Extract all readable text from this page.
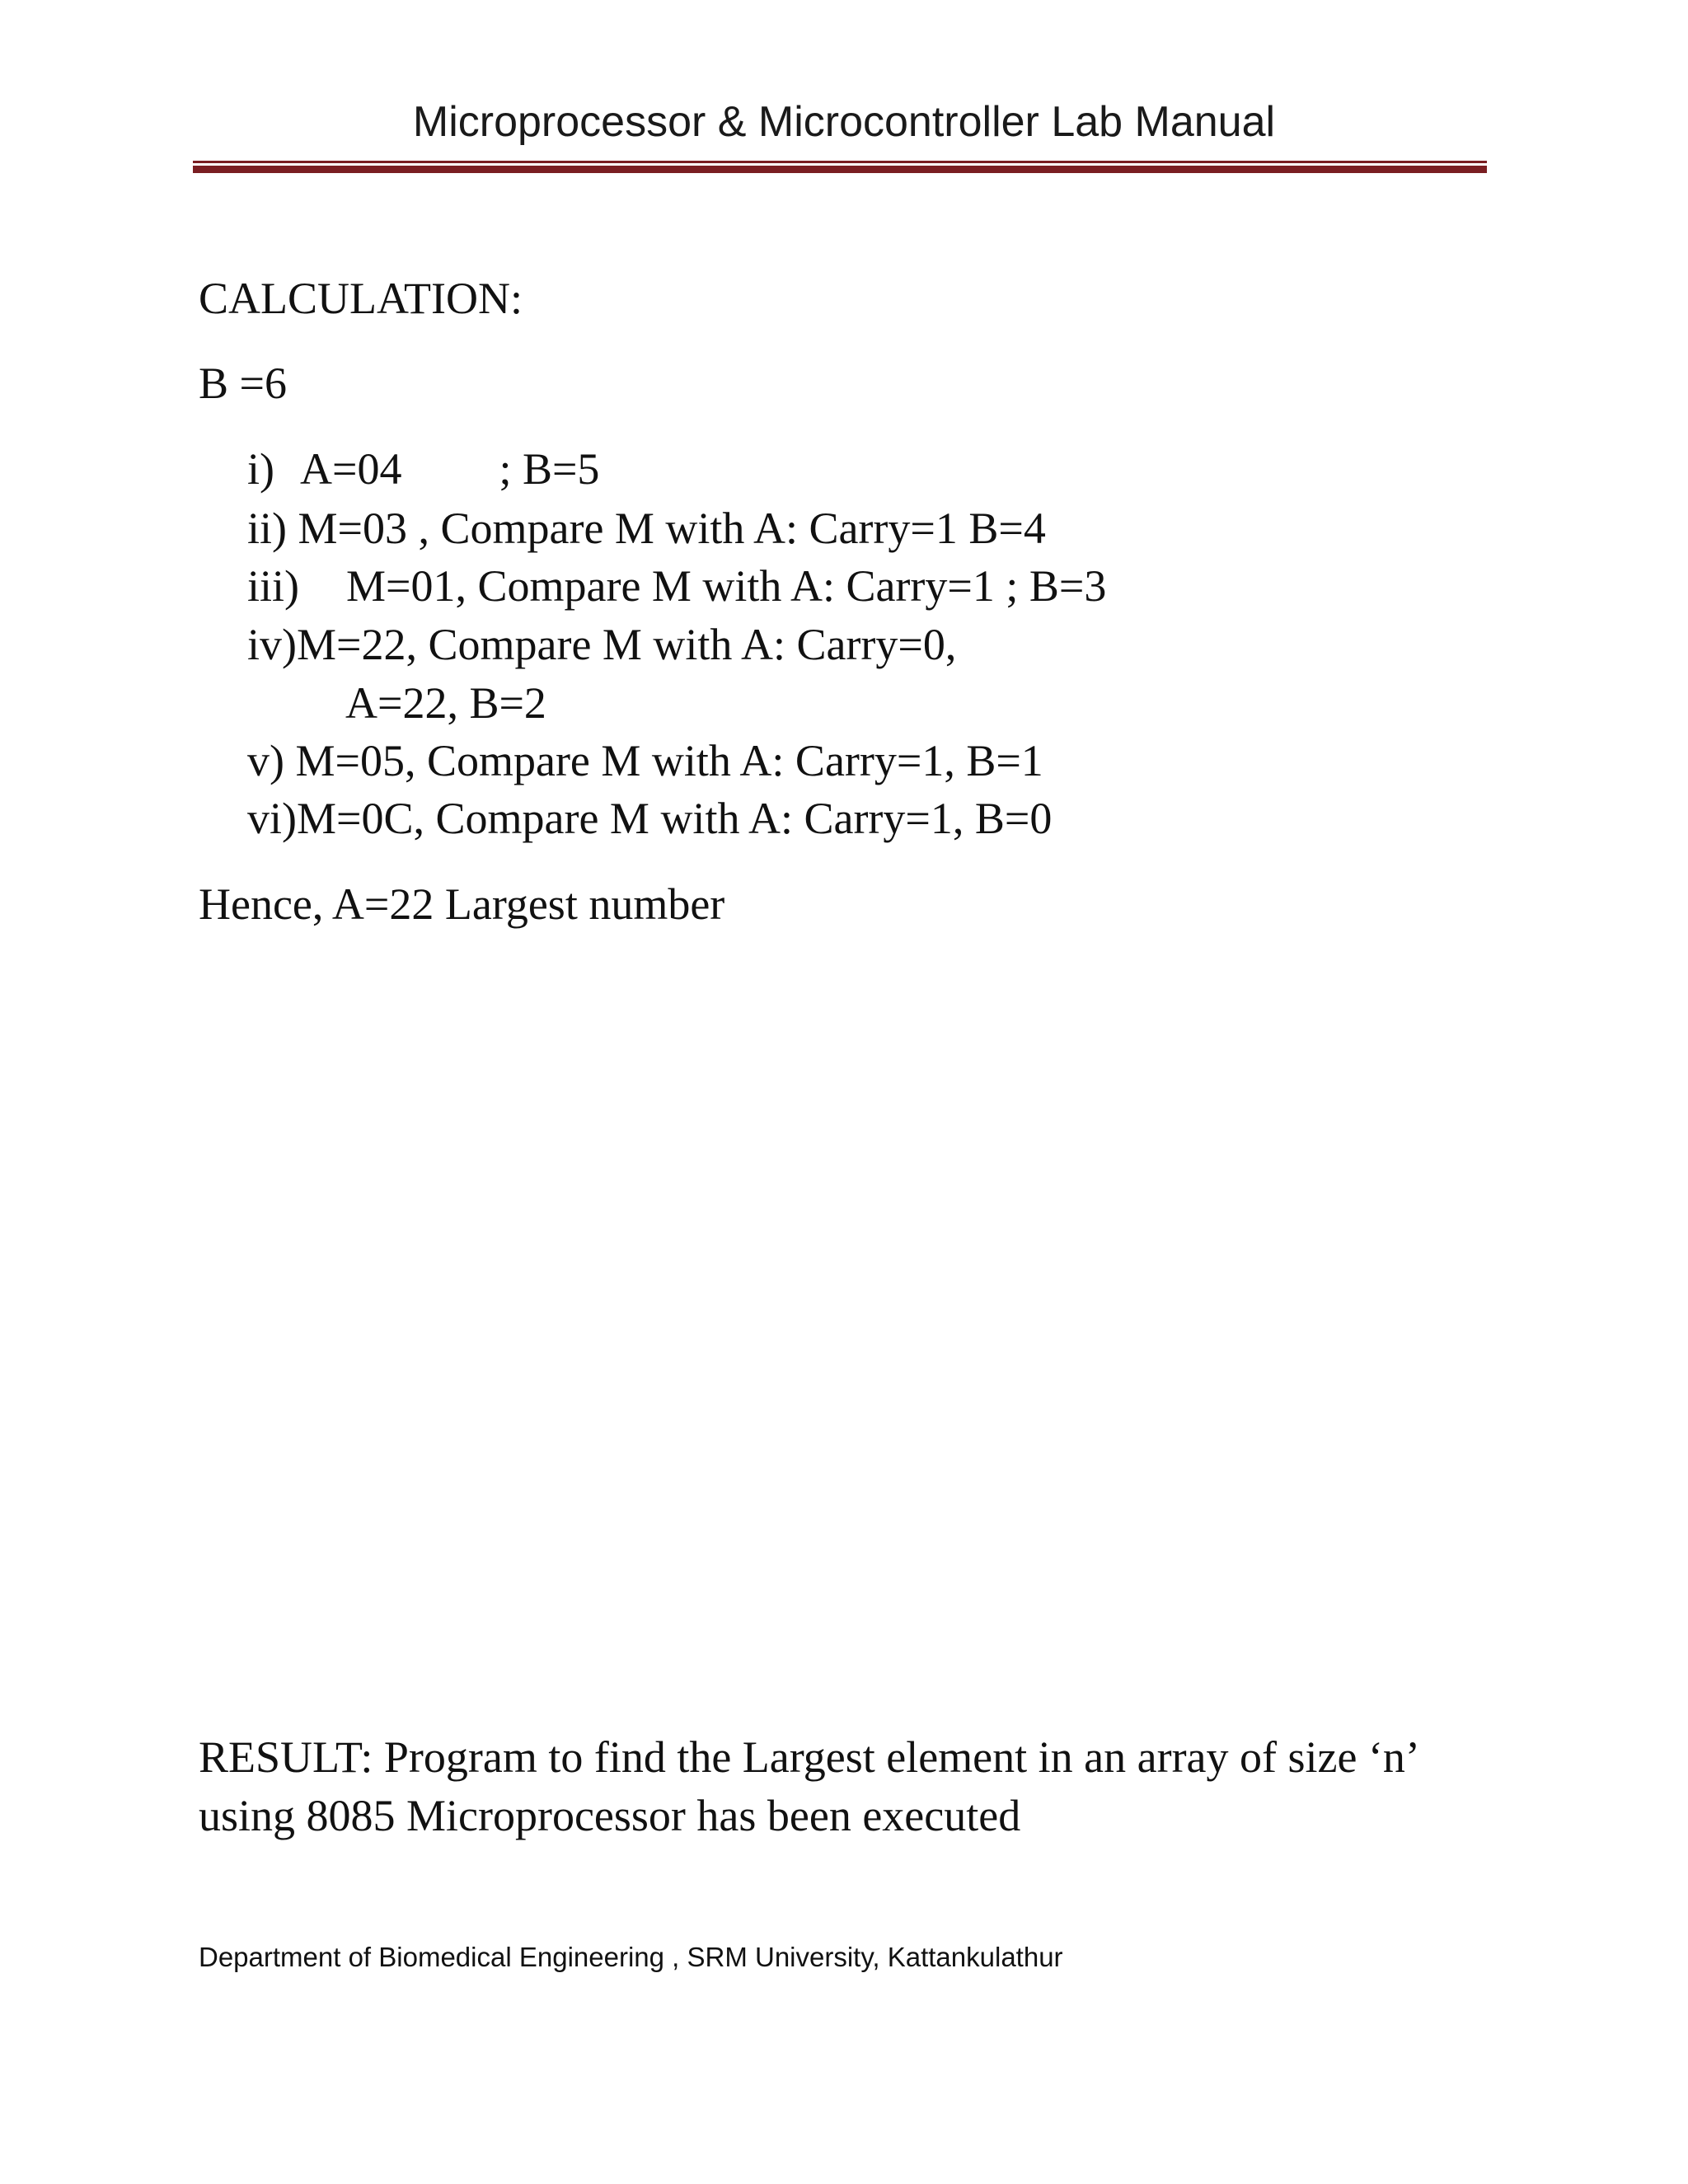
Microprocessor & Microcontroller Lab Manual
CALCULATION:
B =6
i) A=04 ; B=5
ii) M=03 , Compare M with A: Carry=1 B=4
iii) M=01, Compare M with A: Carry=1 ; B=3
iv)M=22, Compare M with A: Carry=0,
A=22, B=2
v) M=05, Compare M with A: Carry=1, B=1
vi)M=0C, Compare M with A: Carry=1, B=0
Hence, A=22 Largest number
RESULT: Program to find the Largest element in an array of size ‘n’
using 8085 Microprocessor has been executed
Department of Biomedical Engineering , SRM University, Kattankulathur
